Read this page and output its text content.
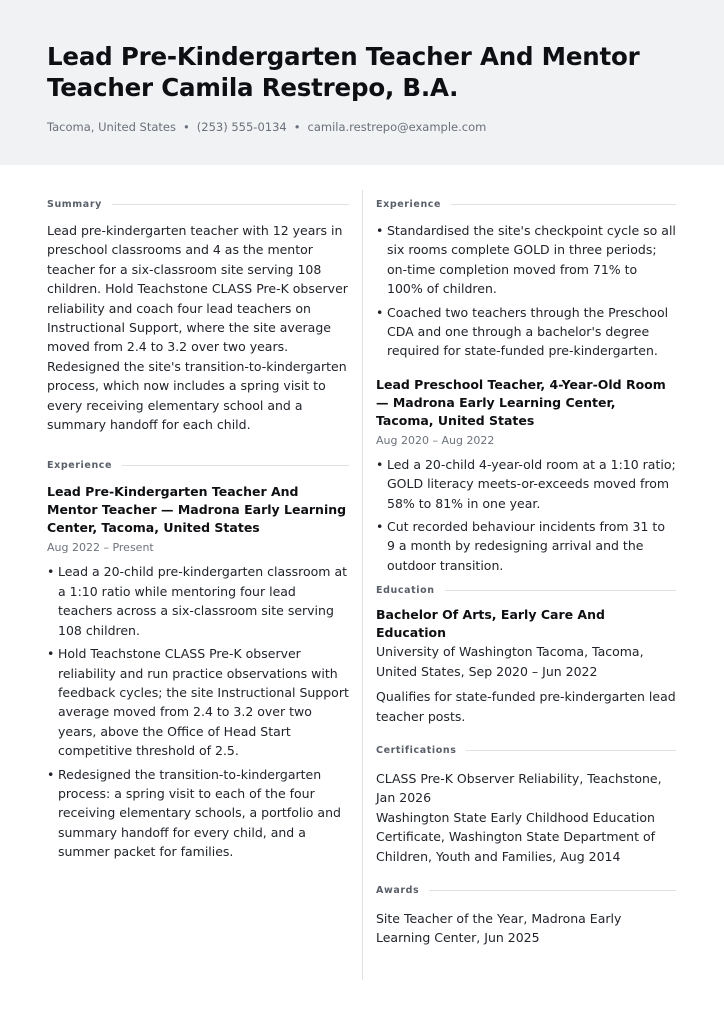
Lead Pre-Kindergarten Teacher And Mentor Teacher Camila Restrepo, B.A.
Tacoma, United States • (253) 555-0134 • camila.restrepo@example.com
Summary

Lead pre-kindergarten teacher with 12 years in preschool classrooms and 4 as the mentor teacher for a six-classroom site serving 108 children. Hold Teachstone CLASS Pre-K observer reliability and coach four lead teachers on Instructional Support, where the site average moved from 2.4 to 3.2 over two years. Redesigned the site's transition-to-kindergarten process, which now includes a spring visit to every receiving elementary school and a summary handoff for each child.

Experience

Lead Pre-Kindergarten Teacher And Mentor Teacher — Madrona Early Learning Center, Tacoma, United States

Aug 2022 – Present
• Lead a 20-child pre-kindergarten classroom at a 1:10 ratio while mentoring four lead teachers across a six-classroom site serving 108 children.
• Hold Teachstone CLASS Pre-K observer reliability and run practice observations with feedback cycles; the site Instructional Support average moved from 2.4 to 3.2 over two years, above the Office of Head Start competitive threshold of 2.5.
• Redesigned the transition-to-kindergarten process: a spring visit to each of the four receiving elementary schools, a portfolio and summary handoff for every child, and a summer packet for families.
Experience
• Standardised the site's checkpoint cycle so all six rooms complete GOLD in three periods; on-time completion moved from 71% to 100% of children.
• Coached two teachers through the Preschool CDA and one through a bachelor's degree required for state-funded pre-kindergarten.

Lead Preschool Teacher, 4-Year-Old Room — Madrona Early Learning Center, Tacoma, United States

Aug 2020 – Aug 2022
• Led a 20-child 4-year-old room at a 1:10 ratio; GOLD literacy meets-or-exceeds moved from 58% to 81% in one year.
• Cut recorded behaviour incidents from 31 to 9 a month by redesigning arrival and the outdoor transition.
Education

Bachelor Of Arts, Early Care And Education

University of Washington Tacoma, Tacoma, United States, Sep 2020 – Jun 2022

Qualifies for state-funded pre-kindergarten lead teacher posts.

Certifications

CLASS Pre-K Observer Reliability, Teachstone, Jan 2026

Washington State Early Childhood Education Certificate, Washington State Department of Children, Youth and Families, Aug 2014

Awards

Site Teacher of the Year, Madrona Early Learning Center, Jun 2025
